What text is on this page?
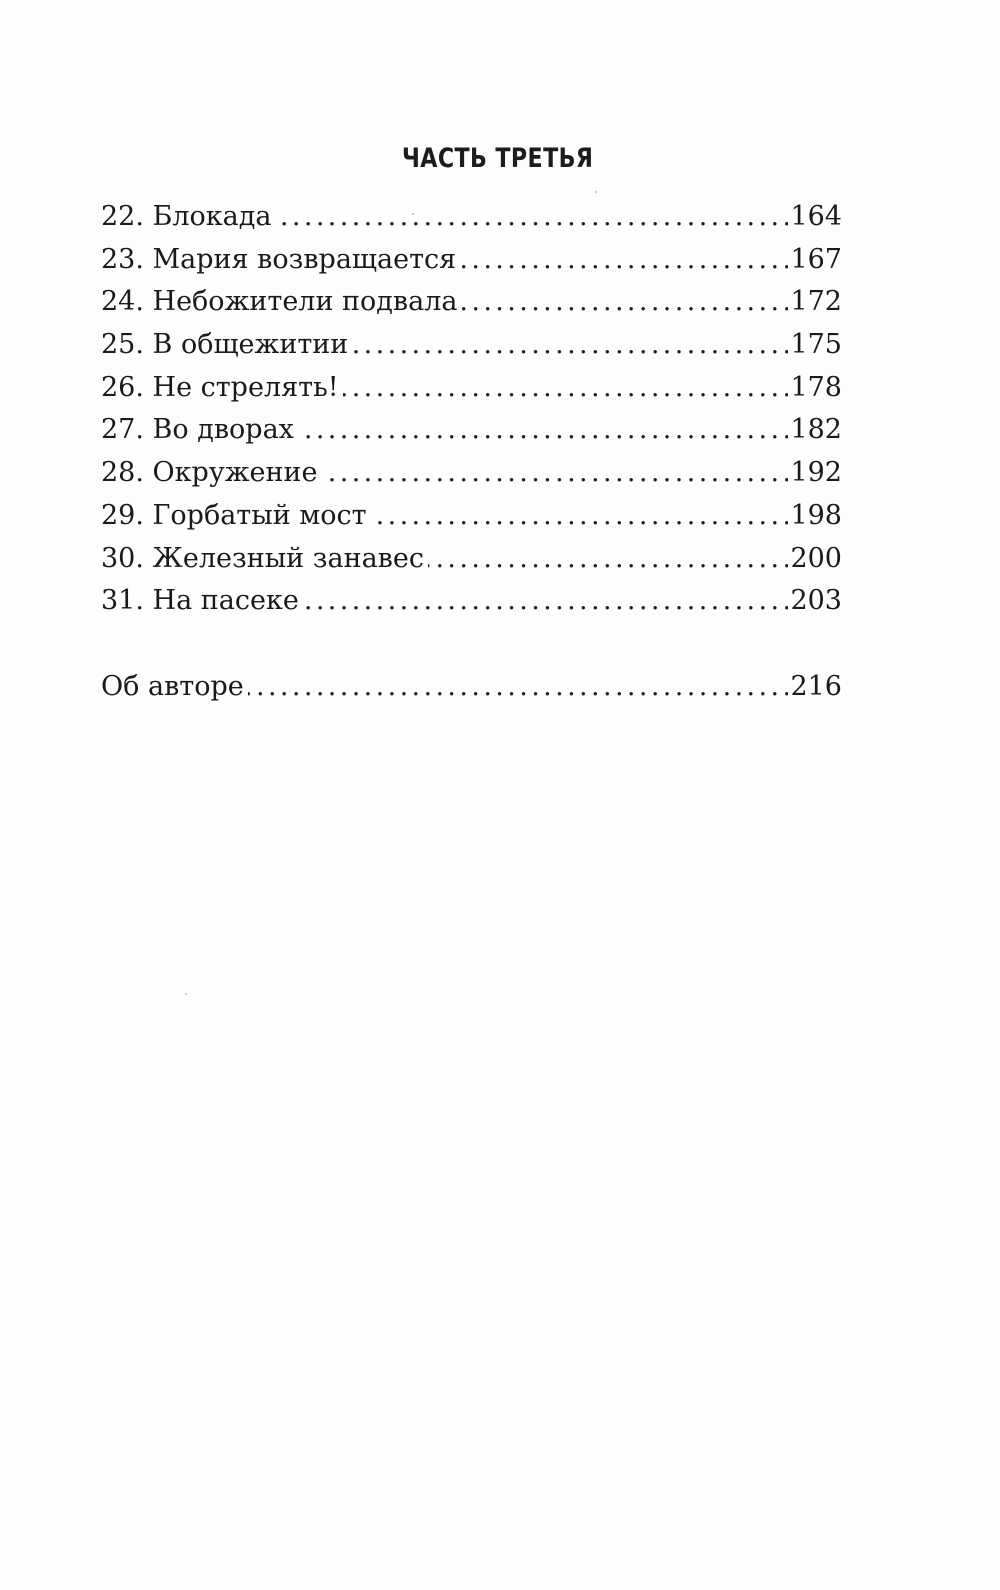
ЧАСТЬ ТРЕТЬЯ
22. Блокада . . .	164
23. Мария возвращается . . .	167
24. Небожители подвала . . .	172
25. В общежитии . . .	175
26. Не стрелять! . . .	178
27. Во дворах . . .	182
28. Окружение . . .	192
29. Горбатый мост . . .	198
30. Железный занавес . . .	200
31. На пасеке . . .	203
Об авторе . . .	216
